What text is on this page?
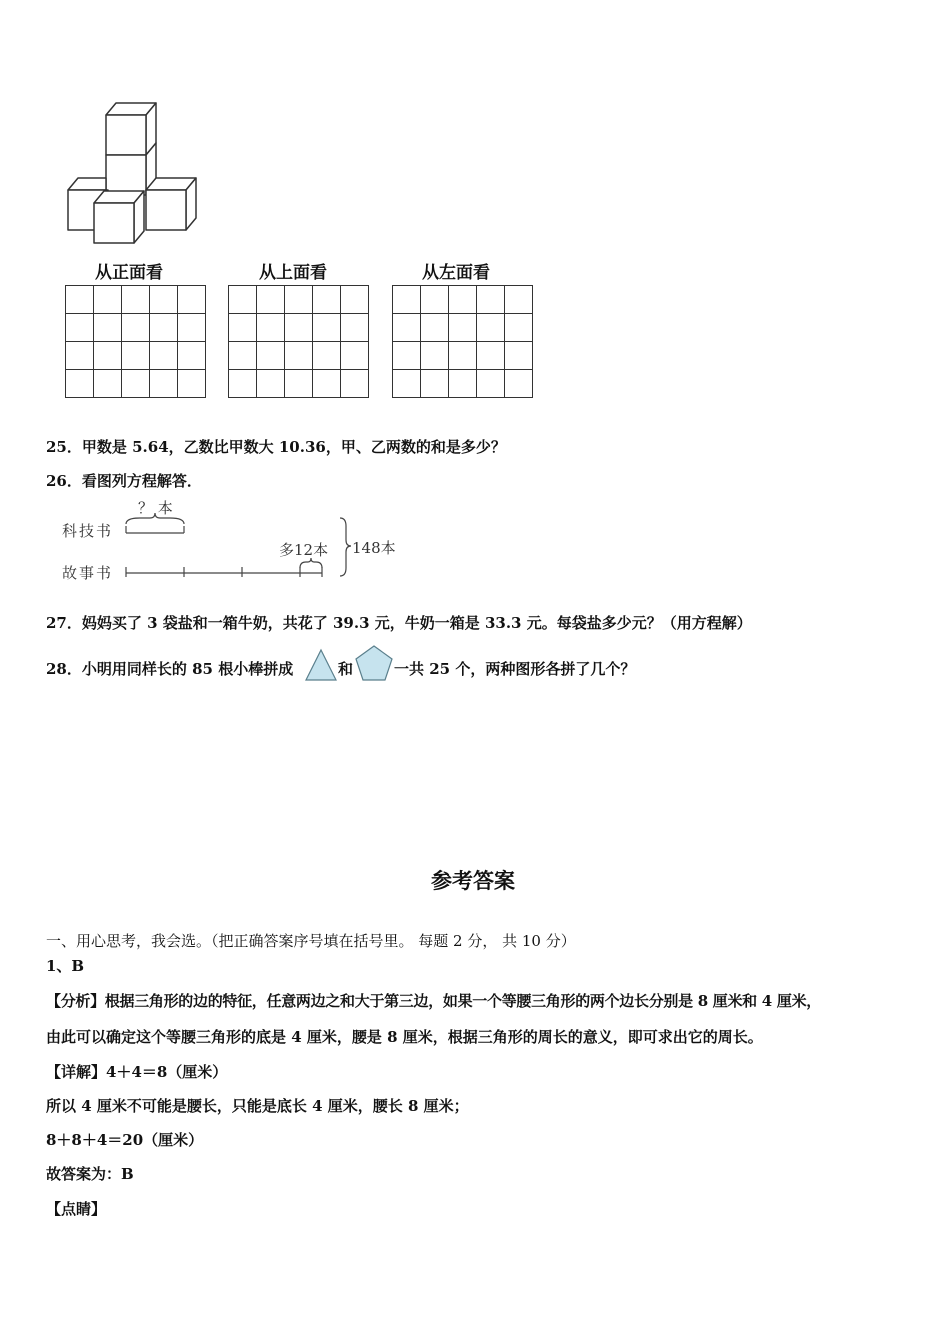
从正面看	从上面看	从左面看

25．甲数是 5.64，乙数比甲数大 10.36，甲、乙两数的和是多少？
26．看图列方程解答．
科技书
故事书
？ 本
多12本 148本
27．妈妈买了 3 袋盐和一箱牛奶，共花了 39.3 元，牛奶一箱是 33.3 元。每袋盐多少元？（用方程解）
28．小明用同样长的 85 根小棒拼成	和	一共 25 个，两种图形各拼了几个？
参考答案
一、用心思考，我会选。（把正确答案序号填在括号里。 每题 2 分， 共 10 分）
1、B
【分析】根据三角形的边的特征，任意两边之和大于第三边，如果一个等腰三角形的两个边长分别是 8 厘米和 4 厘米，
由此可以确定这个等腰三角形的底是 4 厘米，腰是 8 厘米，根据三角形的周长的意义，即可求出它的周长。
【详解】4＋4＝8（厘米）
所以 4 厘米不可能是腰长，只能是底长 4 厘米，腰长 8 厘米；
8＋8＋4＝20（厘米）
故答案为：B
【点睛】
